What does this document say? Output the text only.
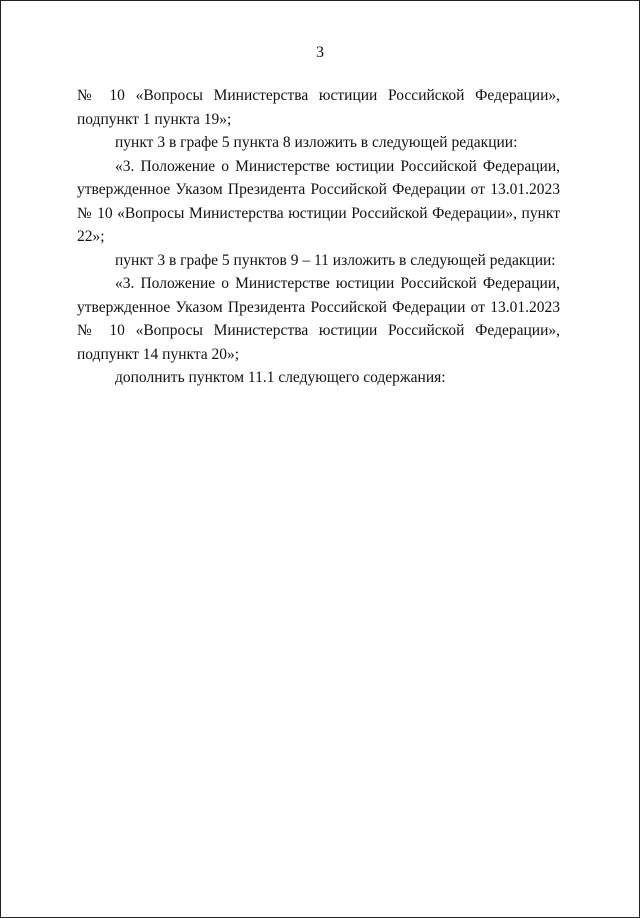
3

№ 10 «Вопросы Министерства юстиции Российской Федерации», подпункт 1 пункта 19»;

пункт 3 в графе 5 пункта 8 изложить в следующей редакции:

«3. Положение о Министерстве юстиции Российской Федерации, утвержденное Указом Президента Российской Федерации от 13.01.2023 № 10 «Вопросы Министерства юстиции Российской Федерации», пункт 22»;

пункт 3 в графе 5 пунктов 9 – 11 изложить в следующей редакции:

«3. Положение о Министерстве юстиции Российской Федерации, утвержденное Указом Президента Российской Федерации от 13.01.2023 № 10 «Вопросы Министерства юстиции Российской Федерации», подпункт 14 пункта 20»;

дополнить пунктом 11.1 следующего содержания:
